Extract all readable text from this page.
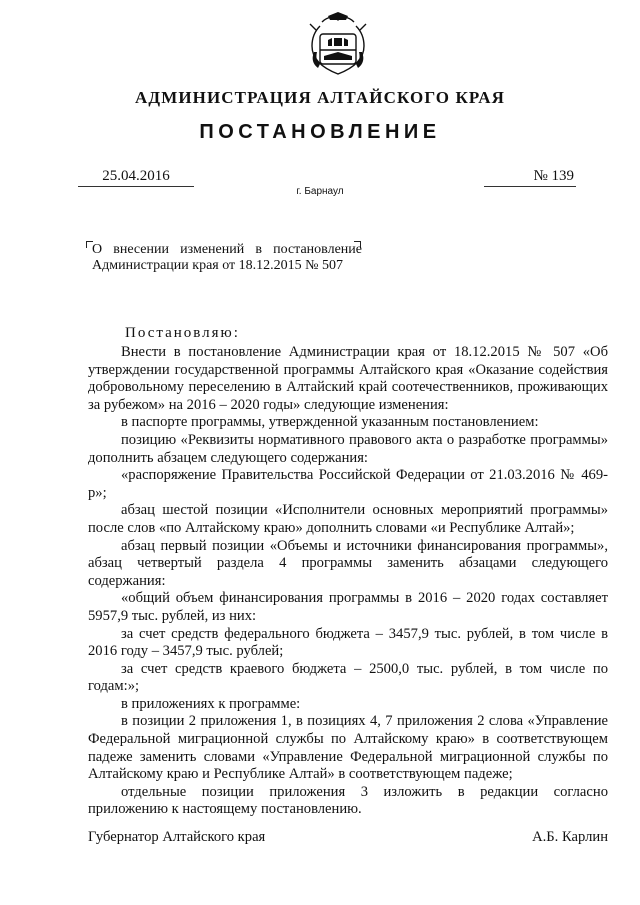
АДМИНИСТРАЦИЯ АЛТАЙСКОГО КРАЯ
ПОСТАНОВЛЕНИЕ
25.04.2016	№ 139
г. Барнаул
О внесении изменений в постановление
Администрации края от 18.12.2015 № 507
Постановляю:

Внести в постановление Администрации края от 18.12.2015 № 507 «Об утверждении государственной программы Алтайского края «Оказание содействия добровольному переселению в Алтайский край соотечественников, проживающих за рубежом» на 2016 – 2020 годы» следующие изменения:

в паспорте программы, утвержденной указанным постановлением:

позицию «Реквизиты нормативного правового акта о разработке программы» дополнить абзацем следующего содержания:

«распоряжение Правительства Российской Федерации от 21.03.2016 № 469-р»;

абзац шестой позиции «Исполнители основных мероприятий программы» после слов «по Алтайскому краю» дополнить словами «и Республике Алтай»;

абзац первый позиции «Объемы и источники финансирования программы», абзац четвертый раздела 4 программы заменить абзацами следующего содержания:

«общий объем финансирования программы в 2016 – 2020 годах составляет 5957,9 тыс. рублей, из них:

за счет средств федерального бюджета – 3457,9 тыс. рублей, в том числе в 2016 году – 3457,9 тыс. рублей;

за счет средств краевого бюджета – 2500,0 тыс. рублей, в том числе по годам:»;

в приложениях к программе:

в позиции 2 приложения 1, в позициях 4, 7 приложения 2 слова «Управление Федеральной миграционной службы по Алтайскому краю» в соответствующем падеже заменить словами «Управление Федеральной миграционной службы по Алтайскому краю и Республике Алтай» в соответствующем падеже;

отдельные позиции приложения 3 изложить в редакции согласно приложению к настоящему постановлению.

Губернатор Алтайского края	А.Б. Карлин
